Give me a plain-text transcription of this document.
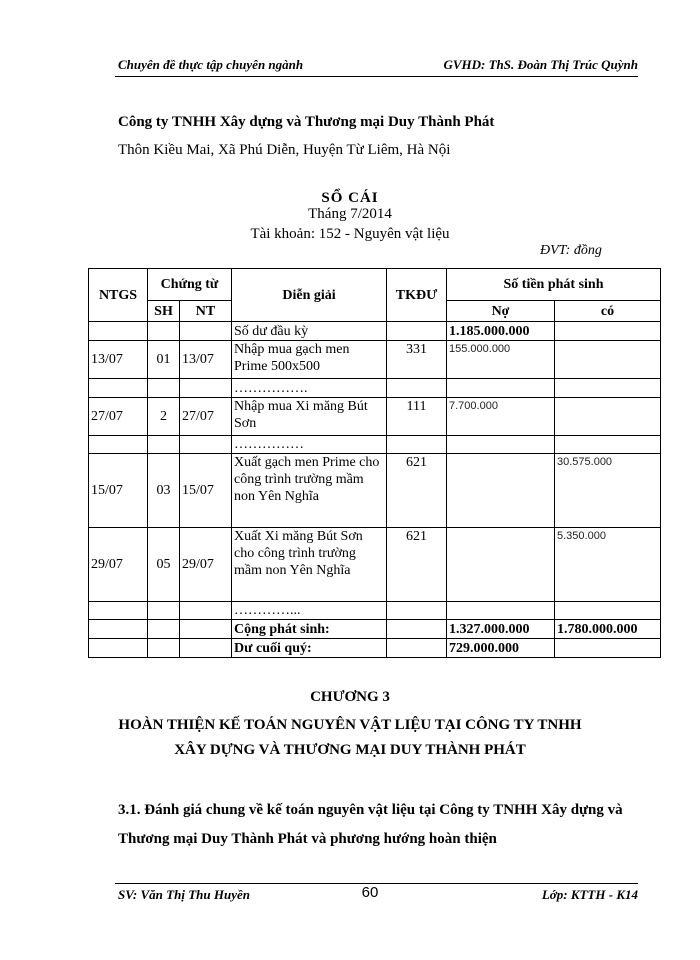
Chuyên đề thực tập chuyên ngành	GVHD: ThS. Đoàn Thị Trúc Quỳnh
Công ty TNHH Xây dựng và Thương mại Duy Thành Phát
Thôn Kiều Mai, Xã Phú Diễn, Huyện Từ Liêm, Hà Nội
SỔ CÁI
Tháng 7/2014
Tài khoản: 152 - Nguyên vật liệu
ĐVT: đồng
NTGS	Chứng từ		Diễn giải	TKĐƯ	Số tiền phát sinh	
	SH	NT			Nợ	có
			Số dư đầu kỳ		1.185.000.000	
13/07	01	13/07	Nhập mua gạch men Prime 500x500	331	155.000.000	
			…………….			
27/07	2	27/07	Nhập mua Xi măng Bút Sơn	111	7.700.000	
			……………			
15/07	03	15/07	Xuất gạch men Prime cho công trình trường mầm non Yên Nghĩa	621		30.575.000
29/07	05	29/07	Xuất Xi măng Bút Sơn cho công trình trường mầm non Yên Nghĩa	621		5.350.000
			…………...			
			Cộng phát sinh:		1.327.000.000	1.780.000.000
			Dư cuối quý:		729.000.000	
CHƯƠNG 3
HOÀN THIỆN KẾ TOÁN NGUYÊN VẬT LIỆU TẠI CÔNG TY TNHH
XÂY DỰNG VÀ THƯƠNG MẠI DUY THÀNH PHÁT
3.1. Đánh giá chung về kế toán nguyên vật liệu tại Công ty TNHH Xây dựng và Thương mại Duy Thành Phát và phương hướng hoàn thiện
SV: Văn Thị Thu Huyền	60	Lớp: KTTH - K14
